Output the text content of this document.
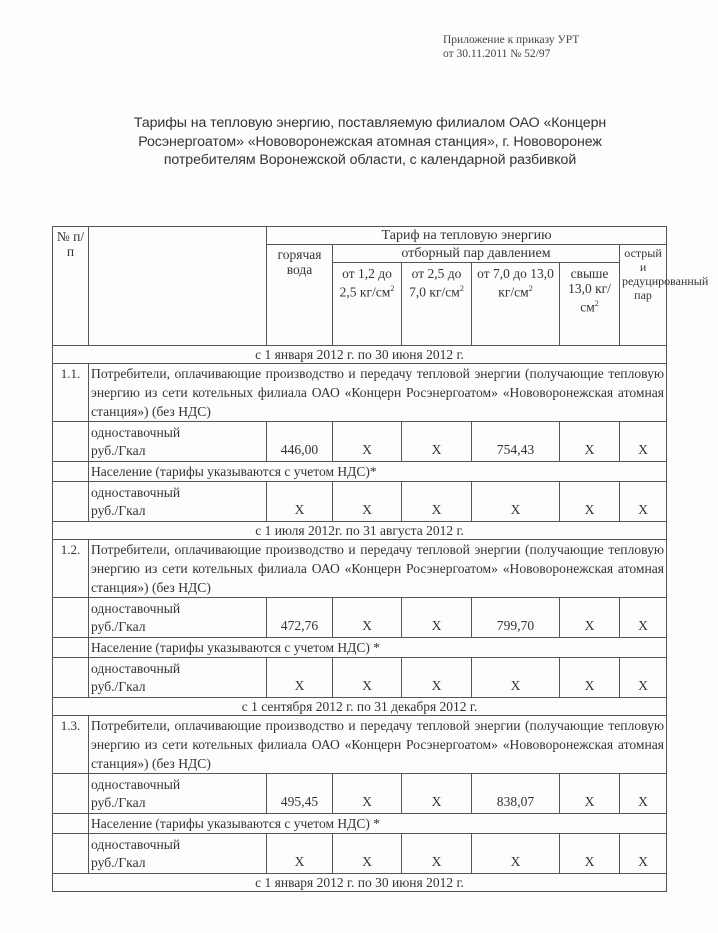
Приложение к приказу УРТ
от 30.11.2011 № 52/97
Тарифы на тепловую энергию, поставляемую филиалом ОАО «Концерн
Росэнергоатом» «Нововоронежская атомная станция», г. Нововоронеж
потребителям Воронежской области, с календарной разбивкой
№ п/п		Тариф на тепловую энергию					
		горячая вода	отборный пар давлением				острый и редуцированный пар
			от 1,2 до 2,5 $кг/см^2$	от 2,5 до 7,0 $кг/см^2$	от 7,0 до 13,0 $кг/см^2$	свыше 13,0 $кг/см^2$
с 1 января 2012 г. по 30 июня 2012 г.							
1.1.	Потребители, оплачивающие производство и передачу тепловой энергии (получающие тепловую энергию из сети котельных филиала ОАО «Концерн Росэнергоатом» «Нововоронежская атомная станция») (без НДС)						

	одноставочный
руб./Гкал	446,00	Х	Х	754,43	Х	Х
	Население (тарифы указываются с учетом НДС)*						

	одноставочный
руб./Гкал	Х	Х	Х	Х	Х	Х
с 1 июля 2012г. по 31 августа 2012 г.							
1.2.	Потребители, оплачивающие производство и передачу тепловой энергии (получающие тепловую энергию из сети котельных филиала ОАО «Концерн Росэнергоатом» «Нововоронежская атомная станция») (без НДС)						

	одноставочный
руб./Гкал	472,76	Х	Х	799,70	Х	Х
	Население (тарифы указываются с учетом НДС) *						

	одноставочный
руб./Гкал	Х	Х	Х	Х	Х	Х
с 1 сентября 2012 г. по 31 декабря 2012 г.							
1.3.	Потребители, оплачивающие производство и передачу тепловой энергии (получающие тепловую энергию из сети котельных филиала ОАО «Концерн Росэнергоатом» «Нововоронежская атомная станция») (без НДС)						

	одноставочный
руб./Гкал	495,45	Х	Х	838,07	Х	Х
	Население (тарифы указываются с учетом НДС) *						

	одноставочный
руб./Гкал	Х	Х	Х	Х	Х	Х
с 1 января 2012 г. по 30 июня 2012 г.							
